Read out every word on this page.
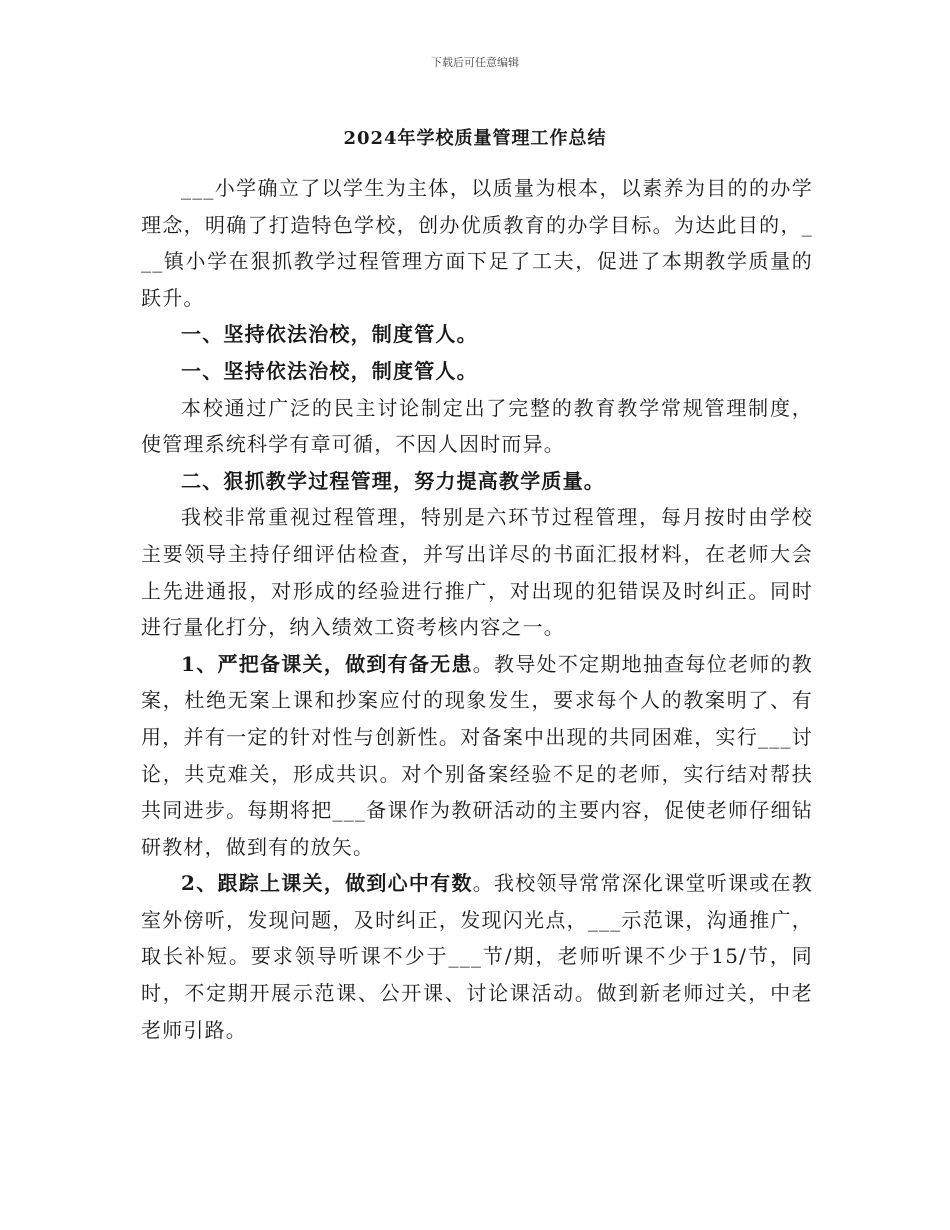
下载后可任意编辑
2024年学校质量管理工作总结

___小学确立了以学生为主体，以质量为根本，以素养为目的的办学理念，明确了打造特色学校，创办优质教育的办学目标。为达此目的，___镇小学在狠抓教学过程管理方面下足了工夫，促进了本期教学质量的跃升。

一、坚持依法治校，制度管人。

一、坚持依法治校，制度管人。

本校通过广泛的民主讨论制定出了完整的教育教学常规管理制度，使管理系统科学有章可循，不因人因时而异。

二、狠抓教学过程管理，努力提高教学质量。

我校非常重视过程管理，特别是六环节过程管理，每月按时由学校主要领导主持仔细评估检查，并写出详尽的书面汇报材料，在老师大会上先进通报，对形成的经验进行推广，对出现的犯错误及时纠正。同时进行量化打分，纳入绩效工资考核内容之一。

1、严把备课关，做到有备无患。教导处不定期地抽查每位老师的教案，杜绝无案上课和抄案应付的现象发生，要求每个人的教案明了、有用，并有一定的针对性与创新性。对备案中出现的共同困难，实行___讨论，共克难关，形成共识。对个别备案经验不足的老师，实行结对帮扶共同进步。每期将把___备课作为教研活动的主要内容，促使老师仔细钻研教材，做到有的放矢。

2、跟踪上课关，做到心中有数。我校领导常常深化课堂听课或在教室外傍听，发现问题，及时纠正，发现闪光点，___示范课，沟通推广，取长补短。要求领导听课不少于___节/期，老师听课不少于15/节，同时，不定期开展示范课、公开课、讨论课活动。做到新老师过关，中老老师引路。
